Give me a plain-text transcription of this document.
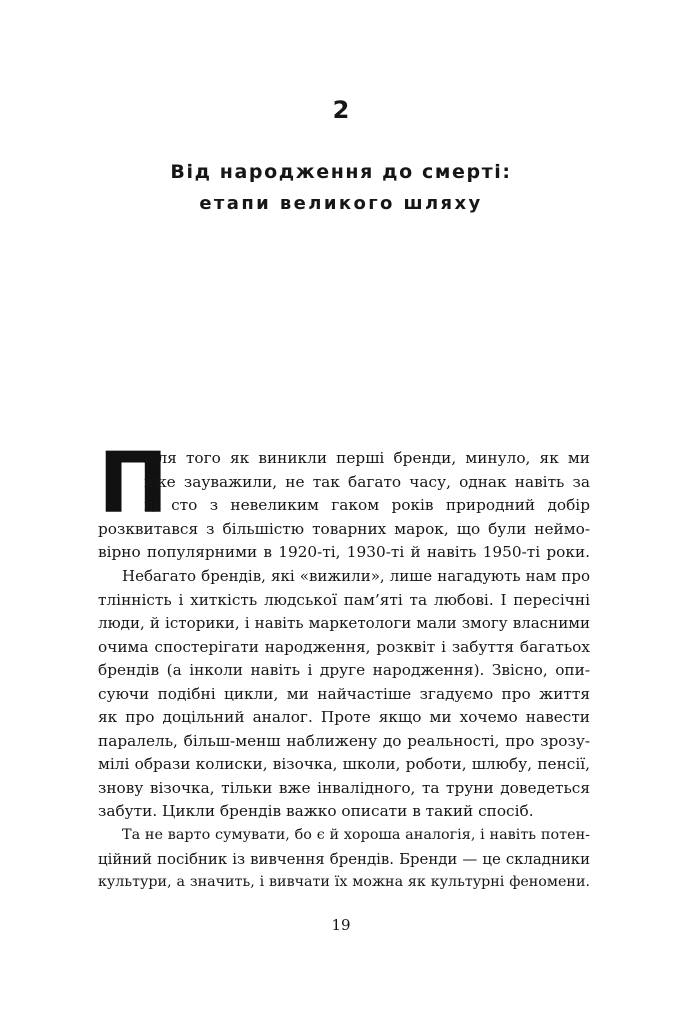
2
Від народження до смерті:
етапи великого шляху
П
ісля того як виникли перші бренди, минуло, як ми
вже зауважили, не так багато часу, однак навіть за
ці сто з невеликим гаком років природний добір
розквитався з більшістю товарних марок, що були неймо-
вірно популярними в 1920-ті, 1930-ті й навіть 1950-ті роки.
Небагато брендів, які «вижили», лише нагадують нам про
тлінність і хиткість людської пам’яті та любові. І пересічні
люди, й історики, і навіть маркетологи мали змогу власними
очима спостерігати народження, розквіт і забуття багатьох
брендів (а інколи навіть і друге народження). Звісно, опи-
суючи подібні цикли, ми найчастіше згадуємо про життя
як про доцільний аналог. Проте якщо ми хочемо навести
паралель, більш-менш наближену до реальності, про зрозу-
мілі образи колиски, візочка, школи, роботи, шлюбу, пенсії,
знову візочка, тільки вже інвалідного, та труни доведеться
забути. Цикли брендів важко описати в такий спосіб.
Та не варто сумувати, бо є й хороша аналогія, і навіть потен-
ційний посібник із вивчення брендів. Бренди — це складники
культури, а значить, і вивчати їх можна як культурні феномени.
19
